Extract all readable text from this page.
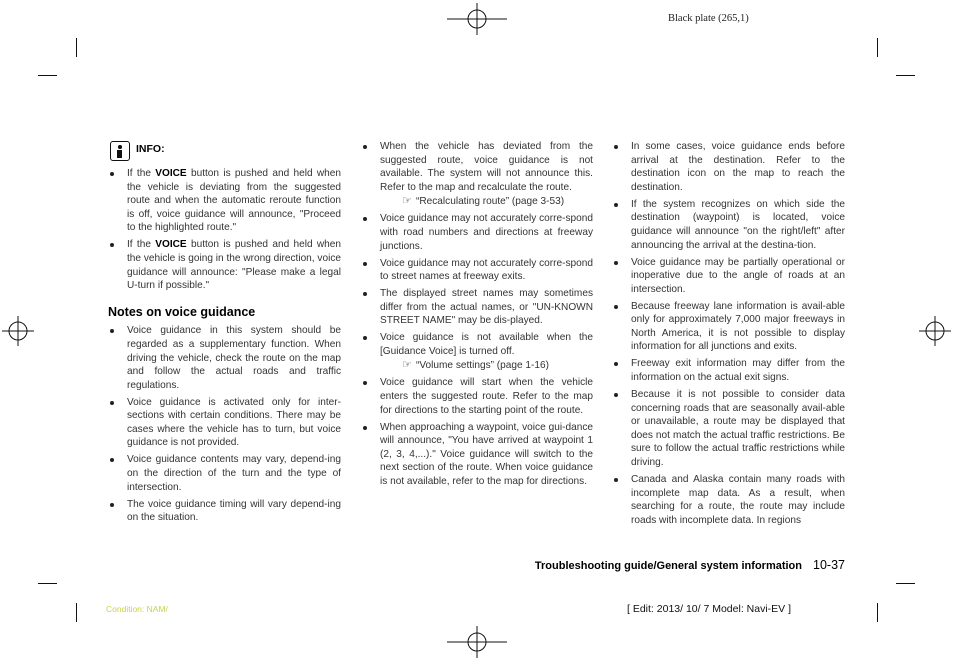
Black plate (265,1)
INFO:
If the VOICE button is pushed and held when the vehicle is deviating from the suggested route and when the automatic reroute function is off, voice guidance will announce, "Proceed to the highlighted route."
If the VOICE button is pushed and held when the vehicle is going in the wrong direction, voice guidance will announce: "Please make a legal U-turn if possible."
Notes on voice guidance
Voice guidance in this system should be regarded as a supplementary function. When driving the vehicle, check the route on the map and follow the actual roads and traffic regulations.
Voice guidance is activated only for inter-sections with certain conditions. There may be cases where the vehicle has to turn, but voice guidance is not provided.
Voice guidance contents may vary, depend-ing on the direction of the turn and the type of intersection.
The voice guidance timing will vary depend-ing on the situation.
When the vehicle has deviated from the suggested route, voice guidance is not available. The system will not announce this. Refer to the map and recalculate the route.
☞ “Recalculating route” (page 3-53)
Voice guidance may not accurately corre-spond with road numbers and directions at freeway junctions.
Voice guidance may not accurately corre-spond to street names at freeway exits.
The displayed street names may sometimes differ from the actual names, or "UN-KNOWN STREET NAME" may be dis-played.
Voice guidance is not available when the [Guidance Voice] is turned off.
☞ “Volume settings” (page 1-16)
Voice guidance will start when the vehicle enters the suggested route. Refer to the map for directions to the starting point of the route.
When approaching a waypoint, voice gui-dance will announce, "You have arrived at waypoint 1 (2, 3, 4,...)." Voice guidance will switch to the next section of the route. When voice guidance is not available, refer to the map for directions.
In some cases, voice guidance ends before arrival at the destination. Refer to the destination icon on the map to reach the destination.
If the system recognizes on which side the destination (waypoint) is located, voice guidance will announce "on the right/left" after announcing the arrival at the destina-tion.
Voice guidance may be partially operational or inoperative due to the angle of roads at an intersection.
Because freeway lane information is avail-able only for approximately 7,000 major freeways in North America, it is not possible to display information for all junctions and exits.
Freeway exit information may differ from the information on the actual exit signs.
Because it is not possible to consider data concerning roads that are seasonally avail-able or unavailable, a route may be displayed that does not match the actual traffic restrictions. Be sure to follow the actual traffic restrictions while driving.
Canada and Alaska contain many roads with incomplete map data. As a result, when searching for a route, the route may include roads with incomplete data. In regions
Troubleshooting guide/General system information 10-37
Condition: NAM/	[ Edit: 2013/ 10/ 7 Model: Navi-EV ]
